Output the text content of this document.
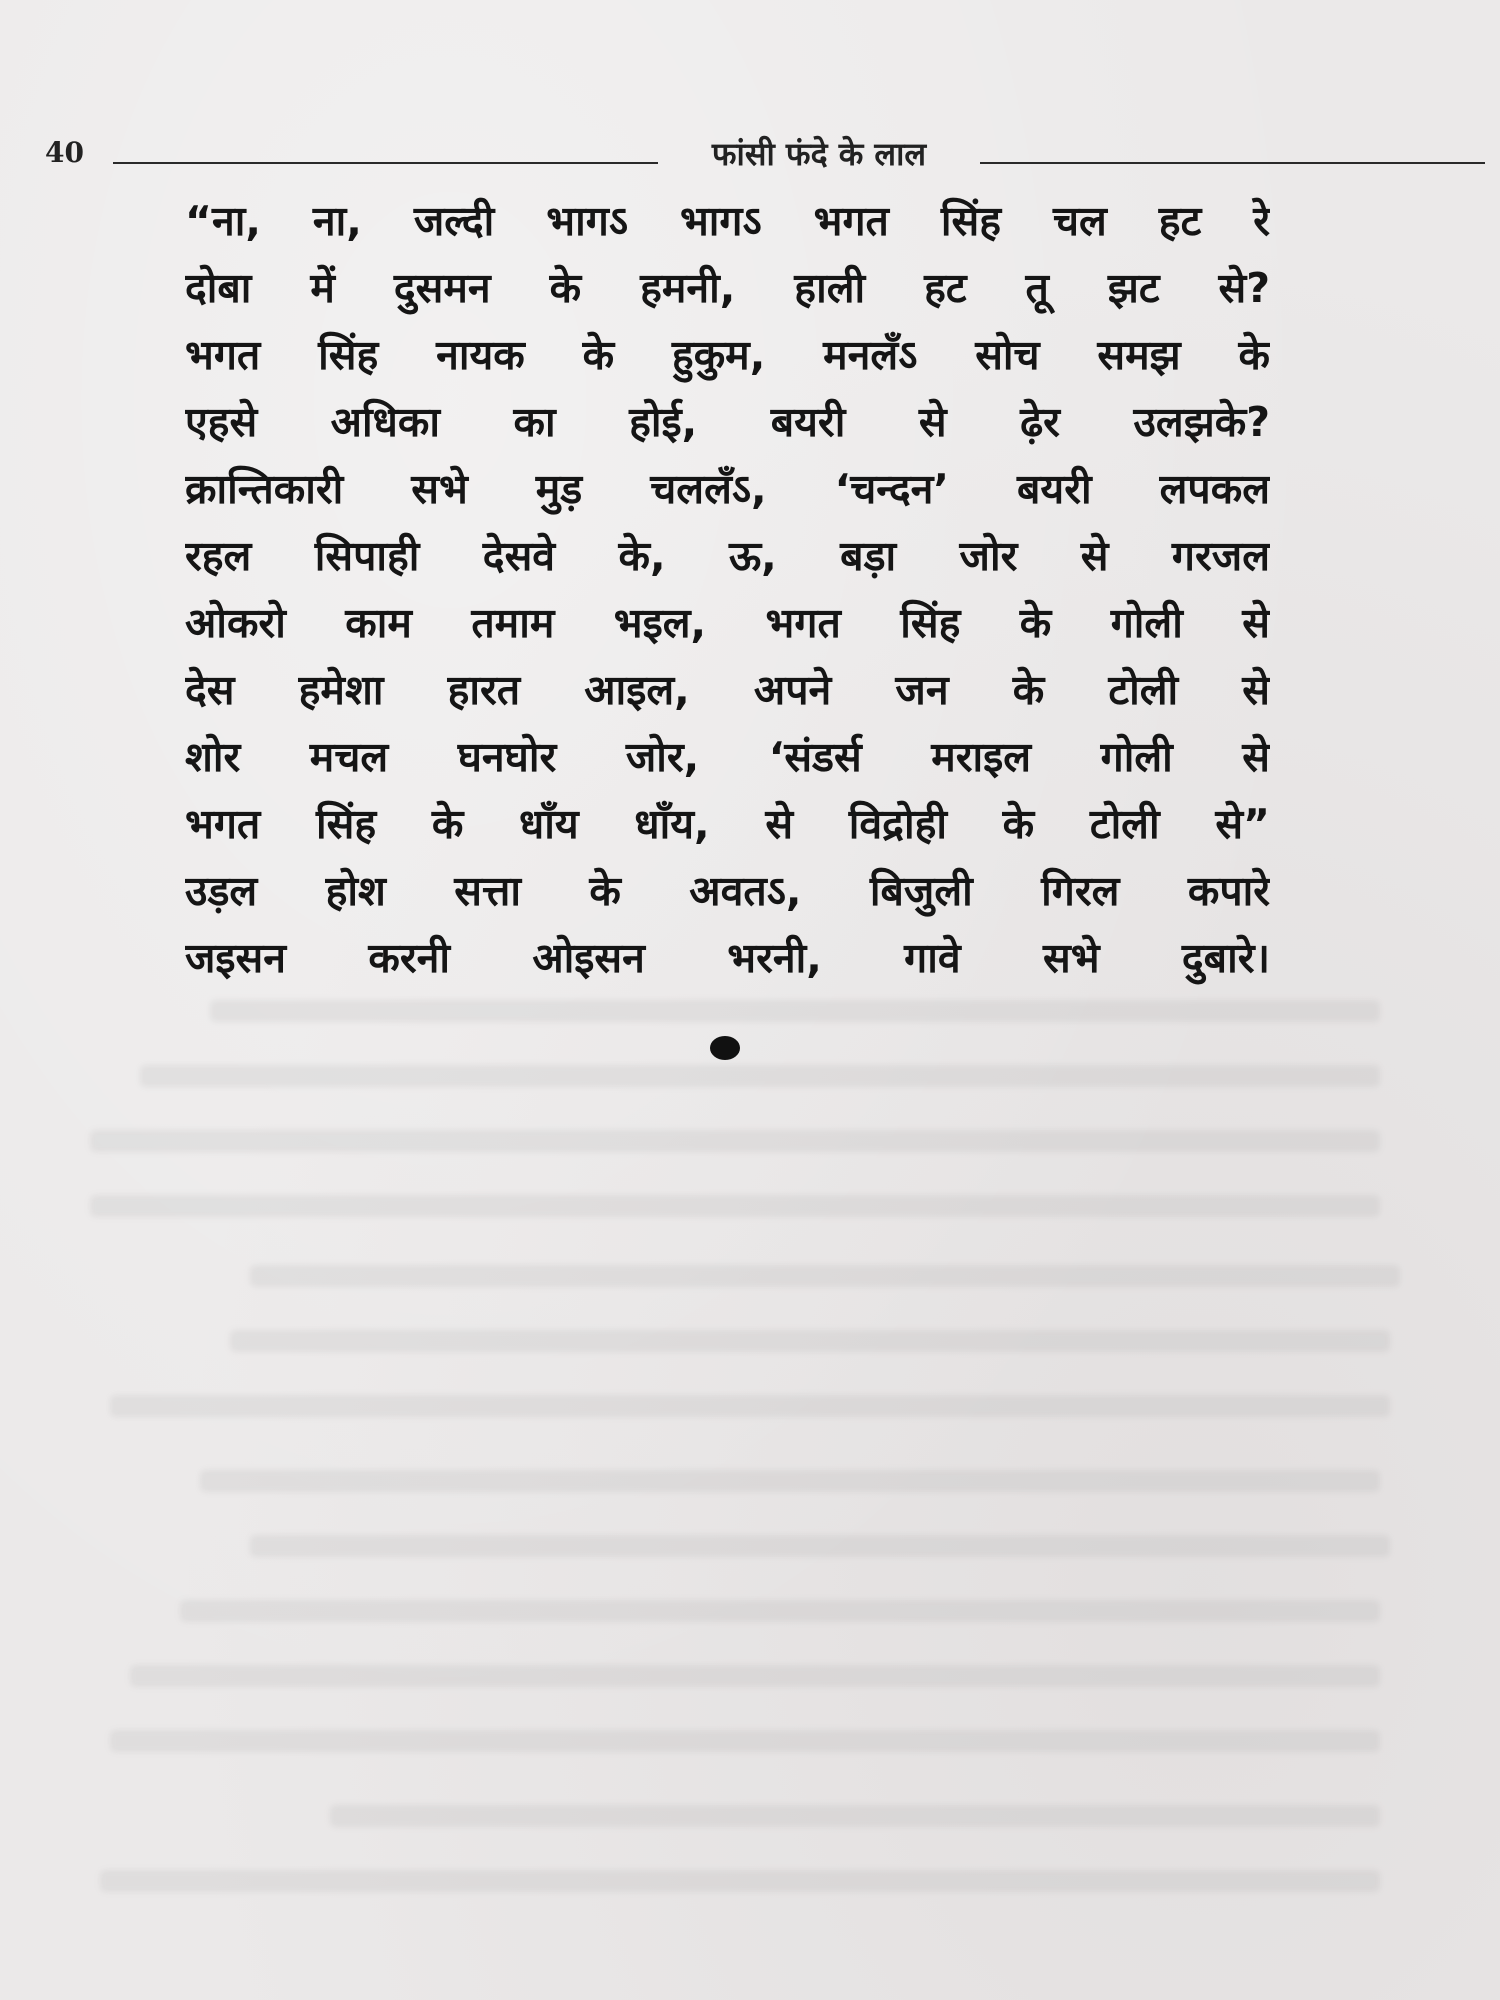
40	फांसी फंदे के लाल
“ना, ना, जल्दी भागऽ भागऽ भगत सिंह चल हट रे
दोबा में दुसमन के हमनी, हाली हट तू झट से?
भगत सिंह नायक के हुकुम, मनलँऽ सोच समझ के
एहसे अधिका का होई, बयरी से ढ़ेर उलझके?
क्रान्तिकारी सभे मुड़ चललँऽ, ‘चन्दन’ बयरी लपकल
रहल सिपाही देसवे के, ऊ, बड़ा जोर से गरजल
ओकरो काम तमाम भइल, भगत सिंह के गोली से
देस हमेशा हारत आइल, अपने जन के टोली से
शोर मचल घनघोर जोर, ‘संडर्स मराइल गोली से
भगत सिंह के धाँय धाँय, से विद्रोही के टोली से”
उड़ल होश सत्ता के अवतऽ, बिजुली गिरल कपारे
जइसन करनी ओइसन भरनी, गावे सभे दुबारे।
